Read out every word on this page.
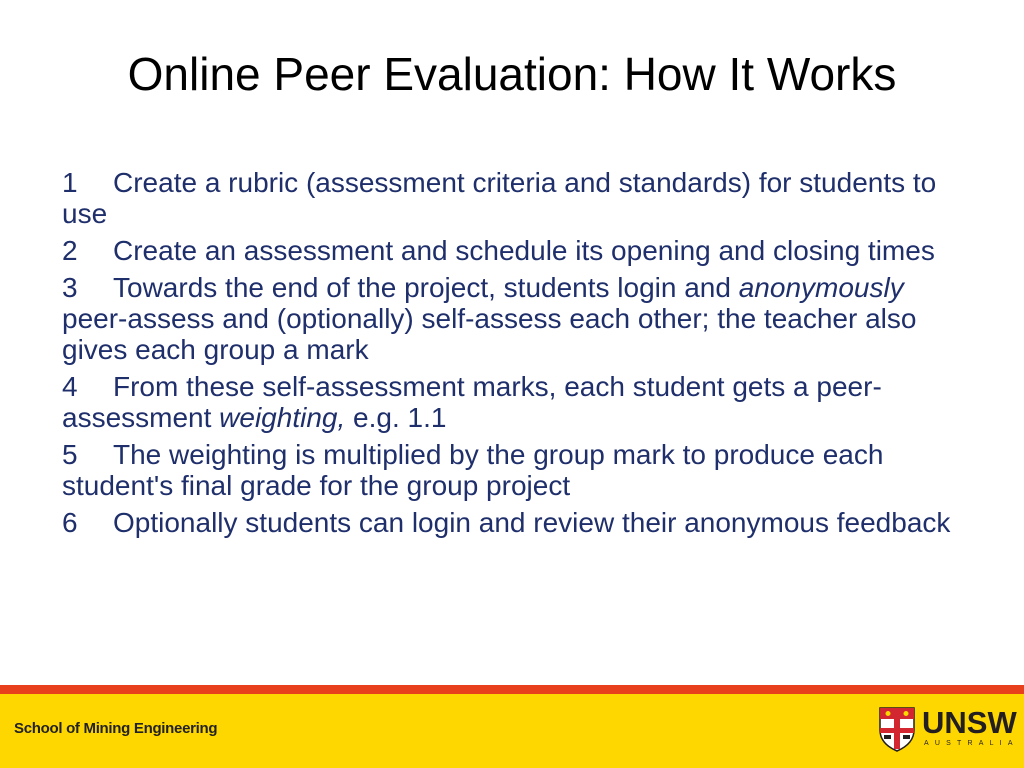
Online Peer Evaluation: How It Works
1 Create a rubric (assessment criteria and standards) for students to use
2 Create an assessment and schedule its opening and closing times
3 Towards the end of the project, students login and anonymously peer-assess and (optionally) self-assess each other; the teacher also gives each group a mark
4 From these self-assessment marks, each student gets a peer-assessment weighting, e.g. 1.1
5 The weighting is multiplied by the group mark to produce each student's final grade for the group project
6 Optionally students can login and review their anonymous feedback
School of Mining Engineering	UNSW
AUSTRALIA
